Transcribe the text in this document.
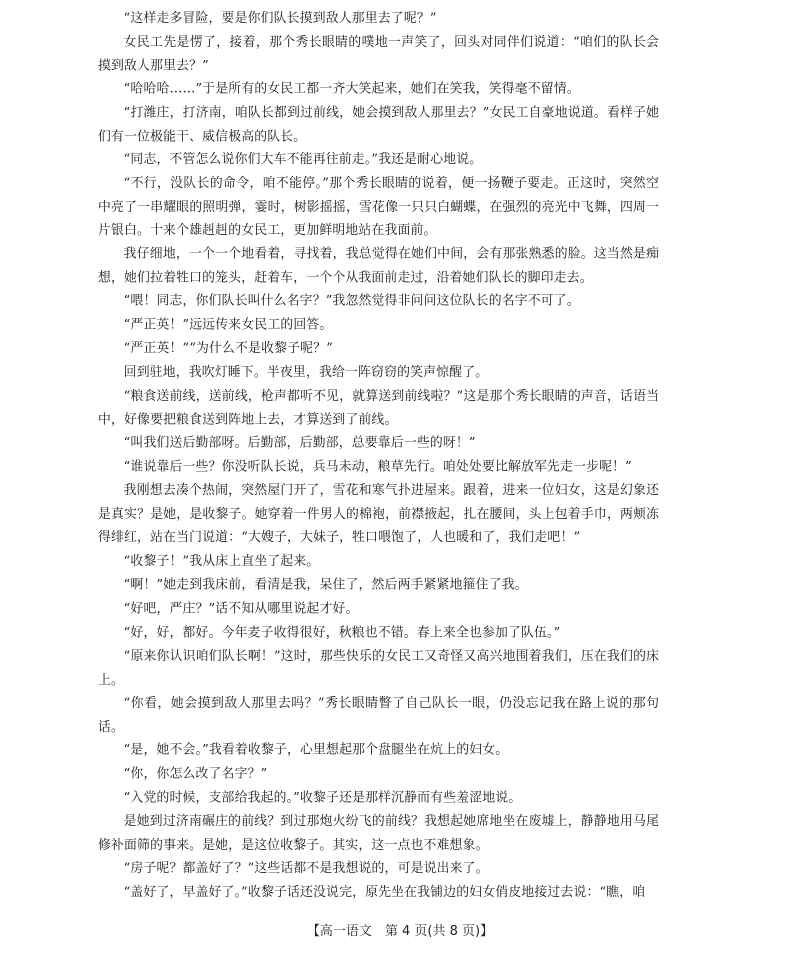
“这样走多冒险，要是你们队长摸到敌人那里去了呢？”

女民工先是愣了，接着，那个秀长眼睛的噗地一声笑了，回头对同伴们说道：“咱们的队长会摸到敌人那里去？”

“哈哈哈……”于是所有的女民工都一齐大笑起来，她们在笑我，笑得毫不留情。

“打潍庄，打济南，咱队长都到过前线，她会摸到敌人那里去？”女民工自豪地说道。看样子她们有一位极能干、威信极高的队长。

“同志，不管怎么说你们大车不能再往前走。”我还是耐心地说。

“不行，没队长的命令，咱不能停。”那个秀长眼睛的说着，便一扬鞭子要走。正这时，突然空中亮了一串耀眼的照明弹，霎时，树影摇摇，雪花像一只只白蝴蝶，在强烈的亮光中飞舞，四周一片银白。十来个雄赳赳的女民工，更加鲜明地站在我面前。

我仔细地，一个一个地看着，寻找着，我总觉得在她们中间，会有那张熟悉的脸。这当然是痴想，她们拉着牲口的笼头，赶着车，一个个从我面前走过，沿着她们队长的脚印走去。

“喂！同志，你们队长叫什么名字？”我忽然觉得非问问这位队长的名字不可了。

“严正英！”远远传来女民工的回答。

“严正英！”“为什么不是收黎子呢？”

回到驻地，我吹灯睡下。半夜里，我给一阵窃窃的笑声惊醒了。

“粮食送前线，送前线，枪声都听不见，就算送到前线啦？”这是那个秀长眼睛的声音，话语当中，好像要把粮食送到阵地上去，才算送到了前线。

“叫我们送后勤部呀。后勤部，后勤部，总要靠后一些的呀！”

“谁说靠后一些？你没听队长说，兵马未动，粮草先行。咱处处要比解放军先走一步呢！”

我刚想去凑个热闹，突然屋门开了，雪花和寒气扑进屋来。跟着，进来一位妇女，这是幻象还是真实？是她，是收黎子。她穿着一件男人的棉袍，前襟掖起，扎在腰间，头上包着手巾，两颊冻得绯红，站在当门说道：“大嫂子，大妹子，牲口喂饱了，人也暖和了，我们走吧！”

“收黎子！”我从床上直坐了起来。

“啊！”她走到我床前，看清是我，呆住了，然后两手紧紧地箍住了我。

“好吧，严庄？”话不知从哪里说起才好。

“好，好，都好。今年麦子收得很好，秋粮也不错。春上来全也参加了队伍。”

“原来你认识咱们队长啊！”这时，那些快乐的女民工又奇怪又高兴地围着我们，压在我们的床上。

“你看，她会摸到敌人那里去吗？”秀长眼睛瞥了自己队长一眼，仍没忘记我在路上说的那句话。

“是，她不会。”我看着收黎子，心里想起那个盘腿坐在炕上的妇女。

“你，你怎么改了名字？”

“入党的时候，支部给我起的。”收黎子还是那样沉静而有些羞涩地说。

是她到过济南碾庄的前线？到过那炮火纷飞的前线？我想起她席地坐在废墟上，静静地用马尾修补面筛的事来。是她，是这位收黎子。其实，这一点也不难想象。

“房子呢？都盖好了？”这些话都不是我想说的，可是说出来了。

“盖好了，早盖好了。”收黎子话还没说完，原先坐在我铺边的妇女俏皮地接过去说：“瞧，咱

【高一语文　第 4 页(共 8 页)】
